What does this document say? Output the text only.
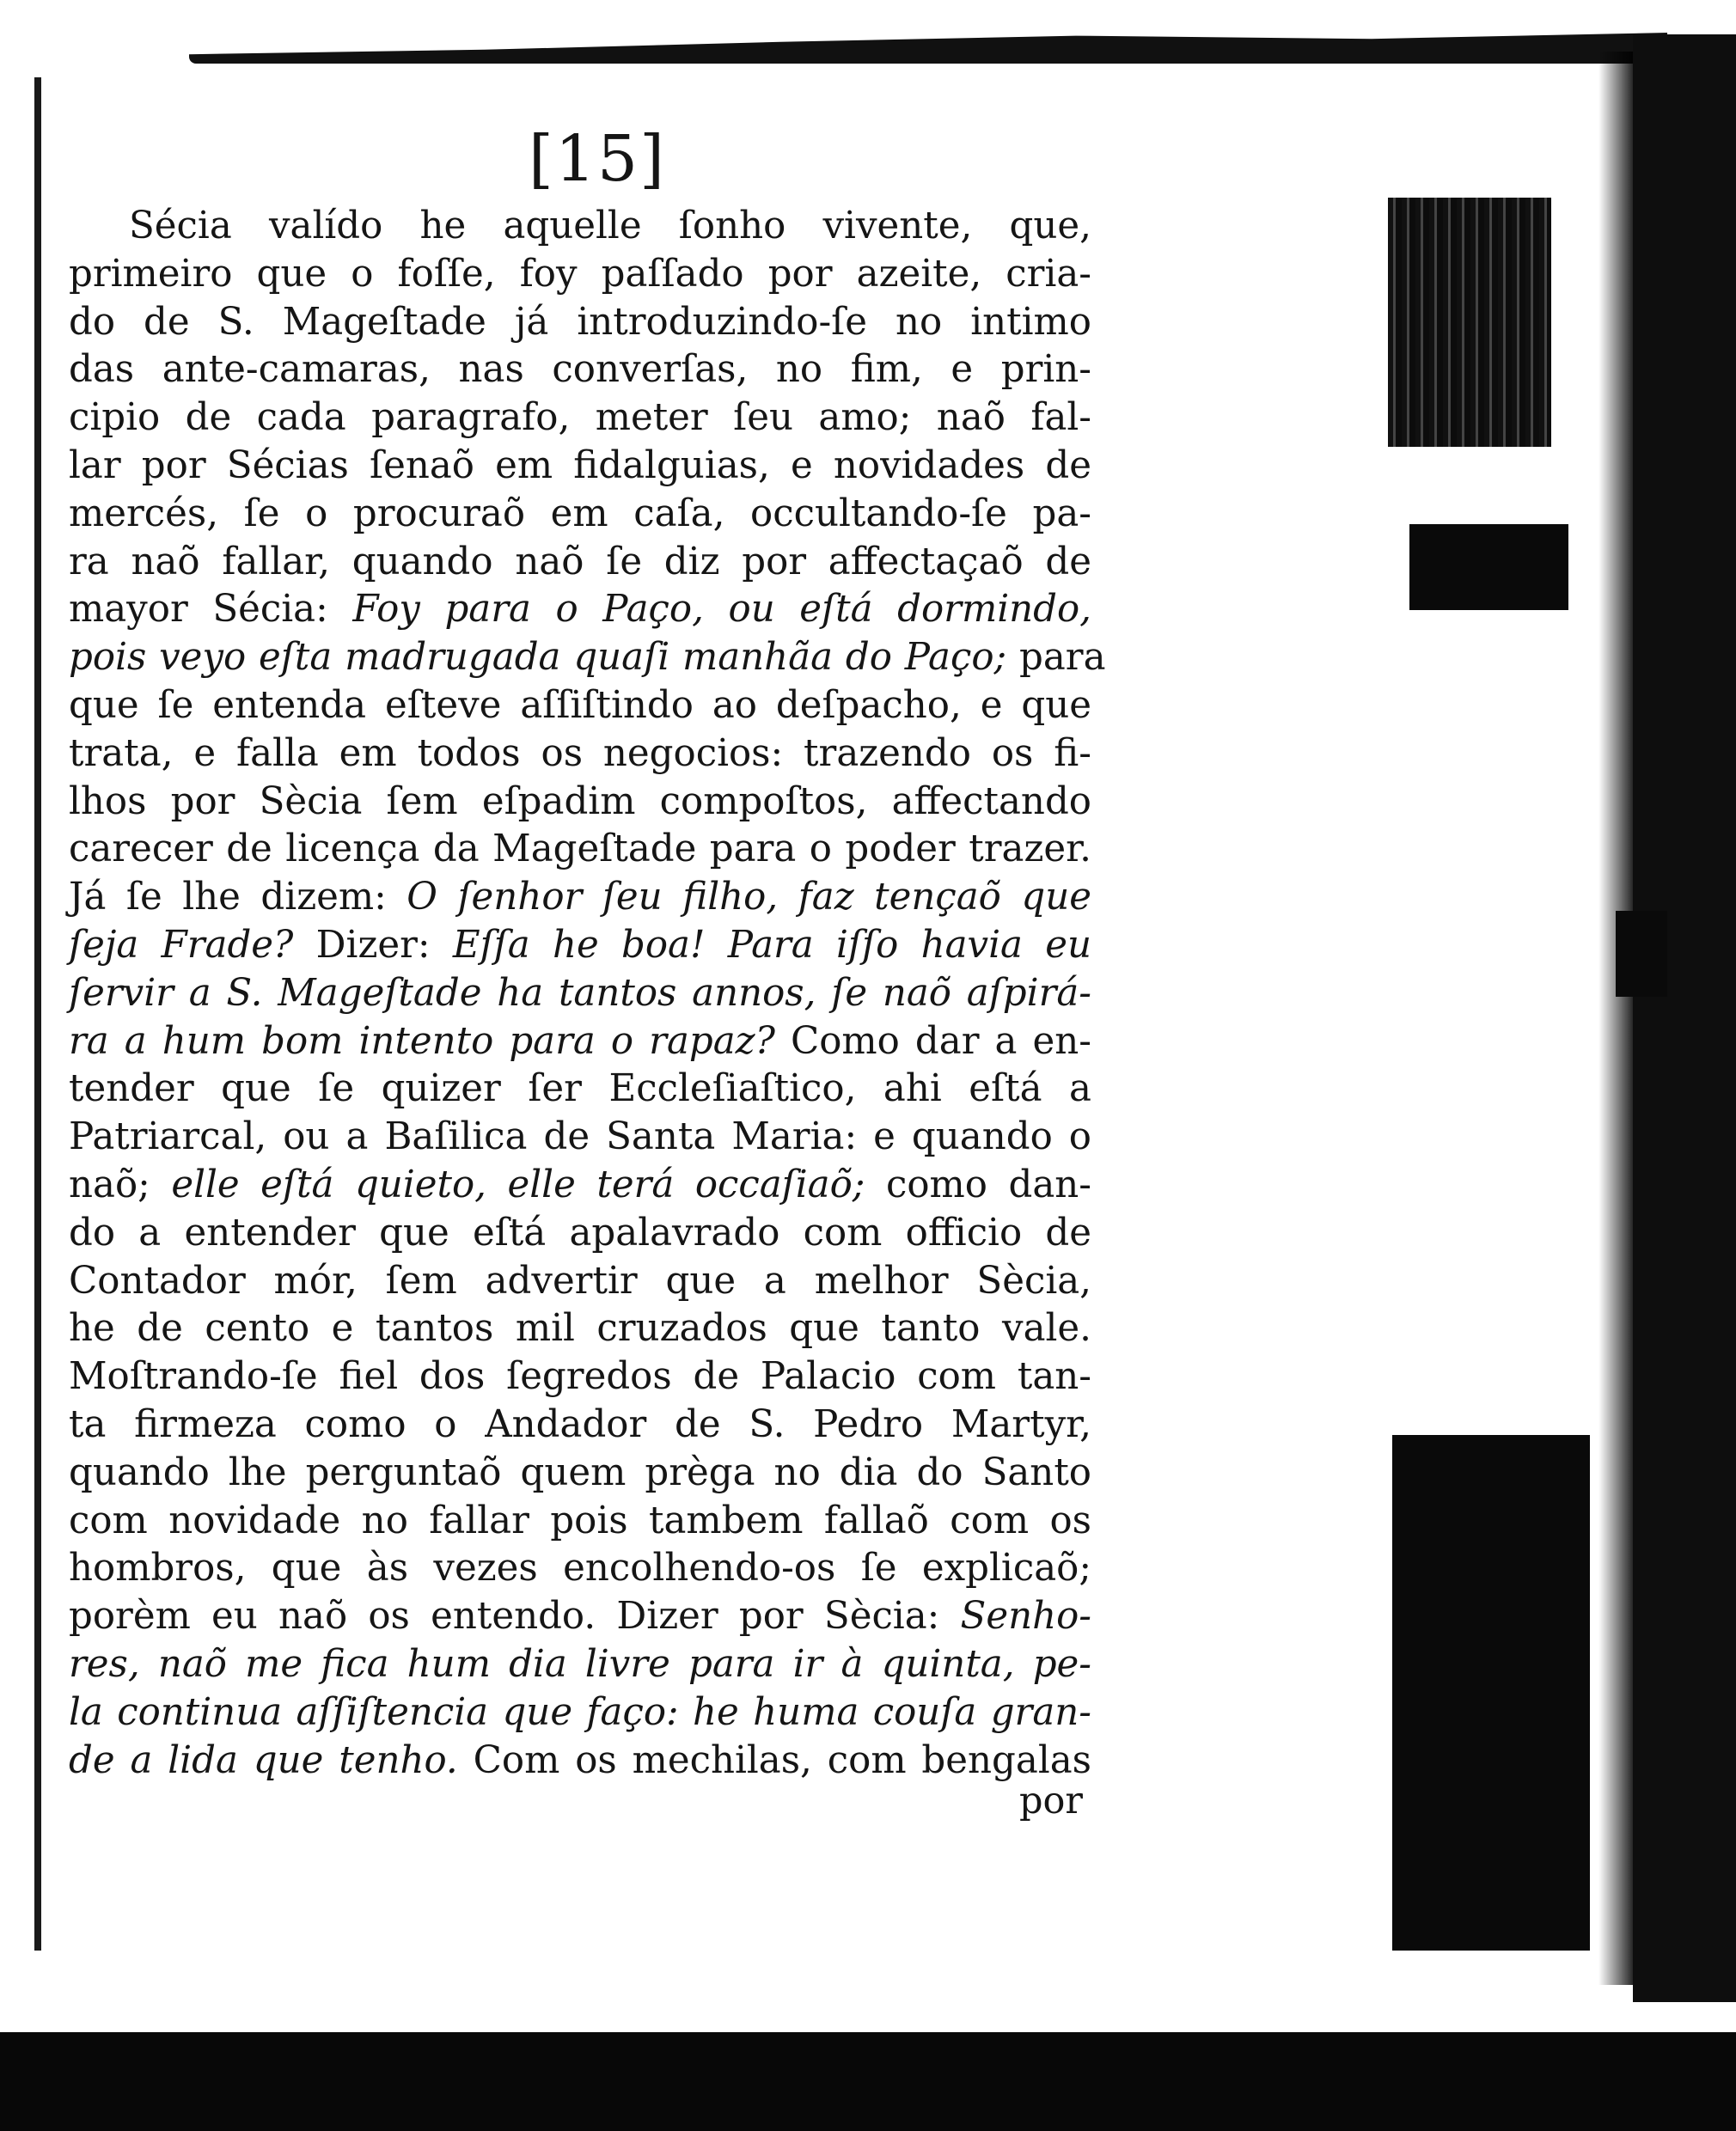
[15]
Sécia valído he aquelle ſonho vivente, que,
primeiro que o foſſe, foy paſſado por azeite, cria-
do de S. Mageſtade já introduzindo-ſe no intimo
das ante-camaras, nas converſas, no fim, e prin-
cipio de cada paragrafo, meter ſeu amo; naõ fal-
lar por Sécias ſenaõ em fidalguias, e novidades de
mercés, ſe o procuraõ em caſa, occultando-ſe pa-
ra naõ fallar, quando naõ ſe diz por affectaçaõ de
mayor Sécia: Foy para o Paço, ou eſtá dormindo,
pois veyo eſta madrugada quaſi manhãa do Paço; para
que ſe entenda eſteve aſſiſtindo ao deſpacho, e que
trata, e falla em todos os negocios: trazendo os fi-
lhos por Sècia ſem eſpadim compoſtos, affectando
carecer de licença da Mageſtade para o poder trazer.
Já ſe lhe dizem: O ſenhor ſeu filho, faz tençaõ que
ſeja Frade? Dizer: Eſſa he boa! Para iſſo havia eu
ſervir a S. Mageſtade ha tantos annos, ſe naõ aſpirá-
ra a hum bom intento para o rapaz? Como dar a en-
tender que ſe quizer ſer Eccleſiaſtico, ahi eſtá a
Patriarcal, ou a Baſilica de Santa Maria: e quando o
naõ; elle eſtá quieto, elle terá occaſiaõ; como dan-
do a entender que eſtá apalavrado com officio de
Contador mór, ſem advertir que a melhor Sècia,
he de cento e tantos mil cruzados que tanto vale.
Moſtrando-ſe fiel dos ſegredos de Palacio com tan-
ta firmeza como o Andador de S. Pedro Martyr,
quando lhe perguntaõ quem prèga no dia do Santo
com novidade no fallar pois tambem fallaõ com os
hombros, que às vezes encolhendo-os ſe explicaõ;
porèm eu naõ os entendo. Dizer por Sècia: Senho-
res, naõ me fica hum dia livre para ir à quinta, pe-
la continua aſſiſtencia que faço: he huma couſa gran-
de a lida que tenho. Com os mechilas, com bengalas
por
